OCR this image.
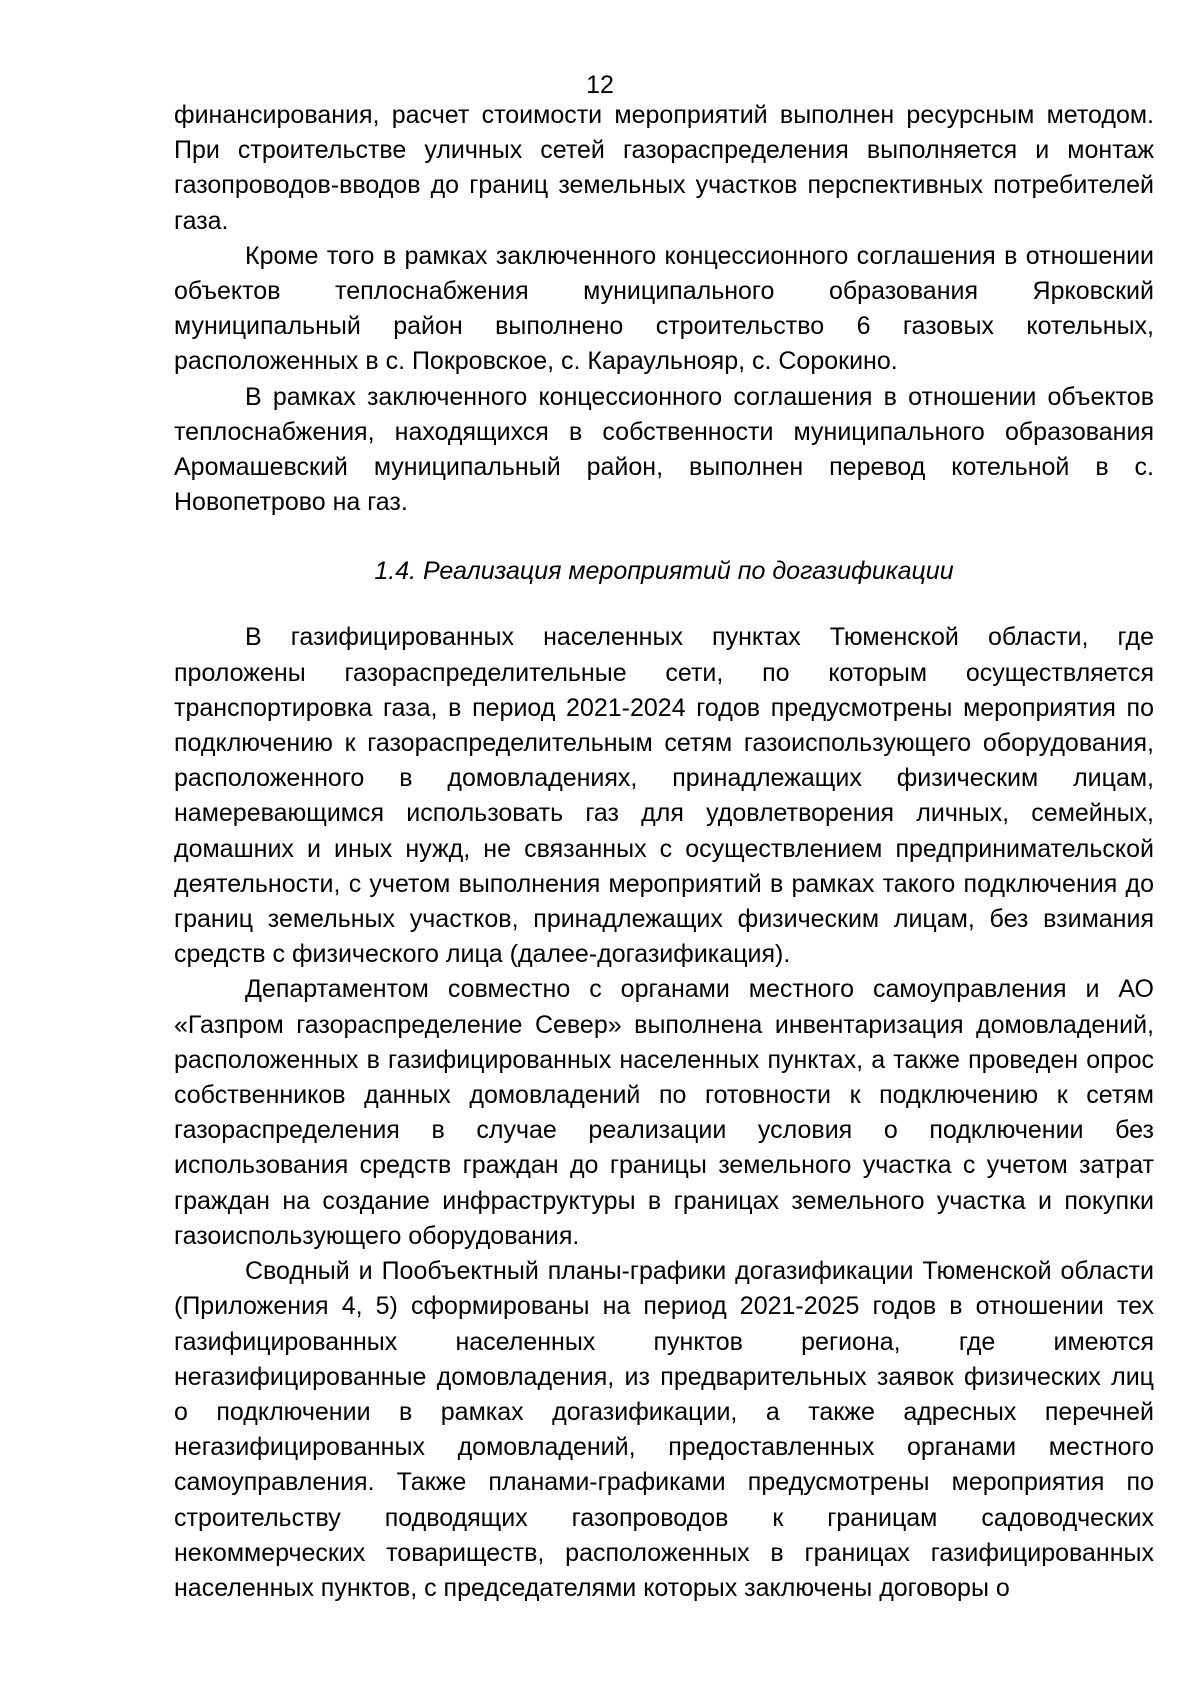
12

финансирования, расчет стоимости мероприятий выполнен ресурсным методом. При строительстве уличных сетей газораспределения выполняется и монтаж газопроводов-вводов до границ земельных участков перспективных потребителей газа.

Кроме того в рамках заключенного концессионного соглашения в отношении объектов теплоснабжения муниципального образования Ярковский муниципальный район выполнено строительство 6 газовых котельных, расположенных в с. Покровское, с. Караульнояр, с. Сорокино.

В рамках заключенного концессионного соглашения в отношении объектов теплоснабжения, находящихся в собственности муниципального образования Аромашевский муниципальный район, выполнен перевод котельной в с. Новопетрово на газ.

1.4. Реализация мероприятий по догазификации

В газифицированных населенных пунктах Тюменской области, где проложены газораспределительные сети, по которым осуществляется транспортировка газа, в период 2021-2024 годов предусмотрены мероприятия по подключению к газораспределительным сетям газоиспользующего оборудования, расположенного в домовладениях, принадлежащих физическим лицам, намеревающимся использовать газ для удовлетворения личных, семейных, домашних и иных нужд, не связанных с осуществлением предпринимательской деятельности, с учетом выполнения мероприятий в рамках такого подключения до границ земельных участков, принадлежащих физическим лицам, без взимания средств с физического лица (далее-догазификация).

Департаментом совместно с органами местного самоуправления и АО «Газпром газораспределение Север» выполнена инвентаризация домовладений, расположенных в газифицированных населенных пунктах, а также проведен опрос собственников данных домовладений по готовности к подключению к сетям газораспределения в случае реализации условия о подключении без использования средств граждан до границы земельного участка с учетом затрат граждан на создание инфраструктуры в границах земельного участка и покупки газоиспользующего оборудования.

Сводный и Пообъектный планы-графики догазификации Тюменской области (Приложения 4, 5) сформированы на период 2021-2025 годов в отношении тех газифицированных населенных пунктов региона, где имеются негазифицированные домовладения, из предварительных заявок физических лиц о подключении в рамках догазификации, а также адресных перечней негазифицированных домовладений, предоставленных органами местного самоуправления. Также планами-графиками предусмотрены мероприятия по строительству подводящих газопроводов к границам садоводческих некоммерческих товариществ, расположенных в границах газифицированных населенных пунктов, с председателями которых заключены договоры о
